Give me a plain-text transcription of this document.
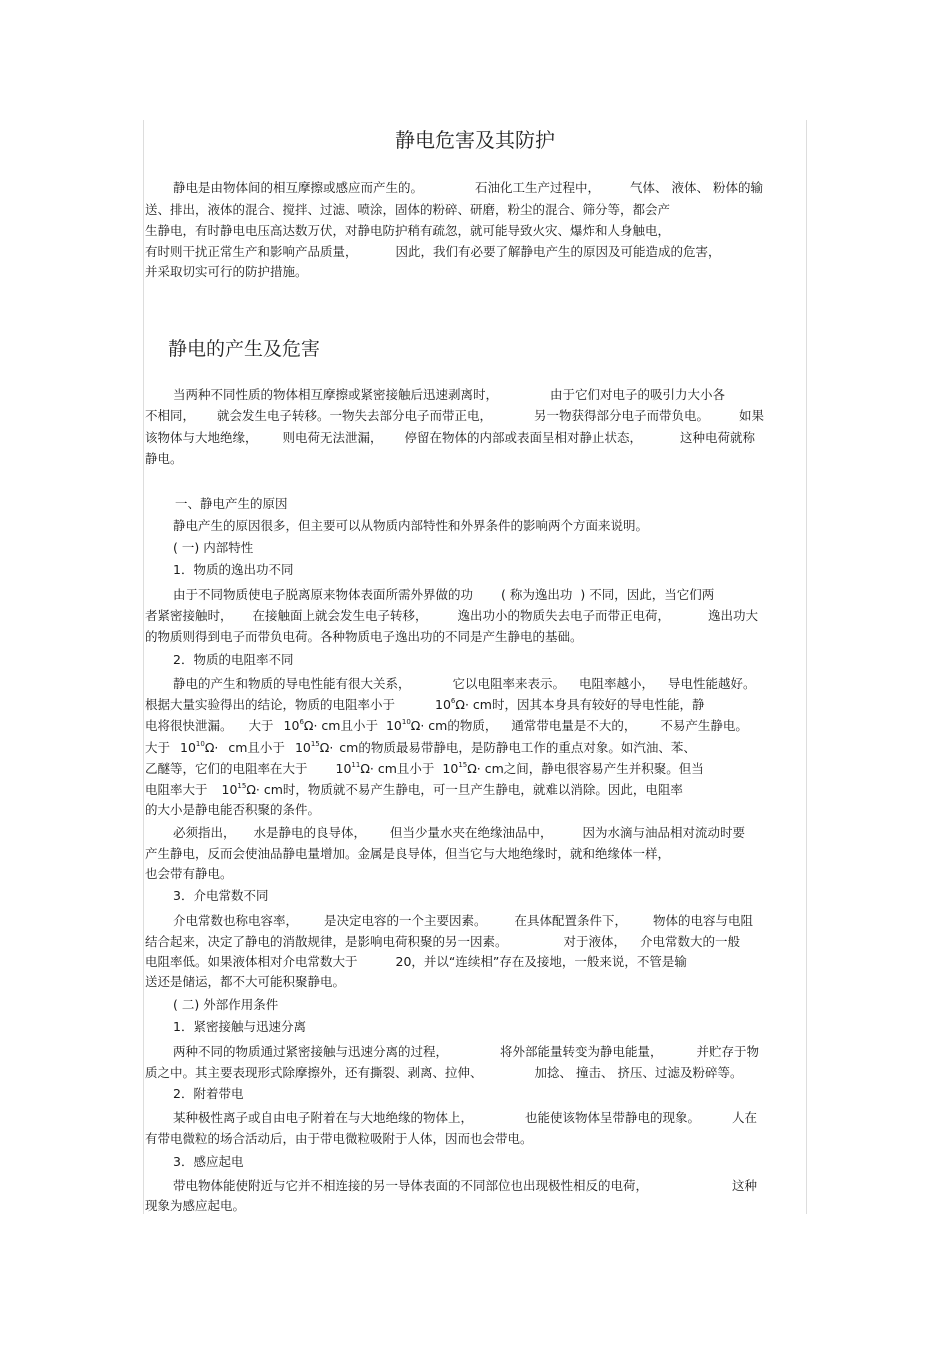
静电危害及其防护
静电是由物体间的相互摩擦或感应而产生的。	石油化工生产过程中， 气体、 液体、 粉体的输
送、排出，液体的混合、搅拌、过滤、喷涂，固体的粉碎、研磨，粉尘的混合、筛分等，都会产
生静电，有时静电电压高达数万伏，对静电防护稍有疏忽，就可能导致火灾、爆炸和人身触电，
有时则干扰正常生产和影响产品质量，	因此，我们有必要了解静电产生的原因及可能造成的危害，
并采取切实可行的防护措施。
静电的产生及危害
当两种不同性质的物体相互摩擦或紧密接触后迅速剥离时，	由于它们对电子的吸引力大小各
不相同， 就会发生电子转移。一物失去部分电子而带正电，	另一物获得部分电子而带负电。 如果
该物体与大地绝缘， 则电荷无法泄漏， 停留在物体的内部或表面呈相对静止状态，	这种电荷就称
静电。
一、静电产生的原因
静电产生的原因很多，但主要可以从物质内部特性和外界条件的影响两个方面来说明。
( 一) 内部特性
1．物质的逸出功不同
由于不同物质使电子脱离原来物体表面所需外界做的功 ( 称为逸出功 ) 不同，因此，当它们两
者紧密接触时， 在接触面上就会发生电子转移， 逸出功小的物质失去电子而带正电荷，	逸出功大
的物质则得到电子而带负电荷。各种物质电子逸出功的不同是产生静电的基础。
2．物质的电阻率不同
静电的产生和物质的导电性能有很大关系，	它以电阻率来表示。 电阻率越小， 导电性能越好。
根据大量实验得出的结论，物质的电阻率小于	$10^6\Omega\cdot$ cm时，因其本身具有较好的导电性能，静
电将很快泄漏。 大于 $10^6\Omega\cdot$ cm且小于 $10^{10}\Omega\cdot$ cm的物质， 通常带电量是不大的， 不易产生静电。
大于 $10^{10}\Omega\cdot$ cm且小于 $10^{15}\Omega\cdot$ cm的物质最易带静电，是防静电工作的重点对象。如汽油、苯、
乙醚等，它们的电阻率在大于 $10^{11}\Omega\cdot$ cm且小于 $10^{15}\Omega\cdot$ cm之间，静电很容易产生并积聚。但当
电阻率大于 $10^{15}\Omega\cdot$ cm时，物质就不易产生静电，可一旦产生静电，就难以消除。因此，电阻率
的大小是静电能否积聚的条件。
必须指出， 水是静电的良导体， 但当少量水夹在绝缘油品中， 因为水滴与油品相对流动时要
产生静电，反而会使油品静电量增加。金属是良导体，但当它与大地绝缘时，就和绝缘体一样，
也会带有静电。
3．介电常数不同
介电常数也称电容率， 是决定电容的一个主要因素。 在具体配置条件下， 物体的电容与电阻
结合起来，决定了静电的消散规律，是影响电荷积聚的另一因素。	对于液体， 介电常数大的一般
电阻率低。如果液体相对介电常数大于	20，并以“连续相”存在及接地，一般来说，不管是输
送还是储运，都不大可能积聚静电。
( 二) 外部作用条件
1．紧密接触与迅速分离
两种不同的物质通过紧密接触与迅速分离的过程，	将外部能量转变为静电能量，	并贮存于物
质之中。其主要表现形式除摩擦外，还有撕裂、剥离、拉伸、	加捻、 撞击、 挤压、过滤及粉碎等。
2．附着带电
某种极性离子或自由电子附着在与大地绝缘的物体上，	也能使该物体呈带静电的现象。	人在
有带电微粒的场合活动后，由于带电微粒吸附于人体，因而也会带电。
3．感应起电
带电物体能使附近与它并不相连接的另一导体表面的不同部位也出现极性相反的电荷，	这种
现象为感应起电。
